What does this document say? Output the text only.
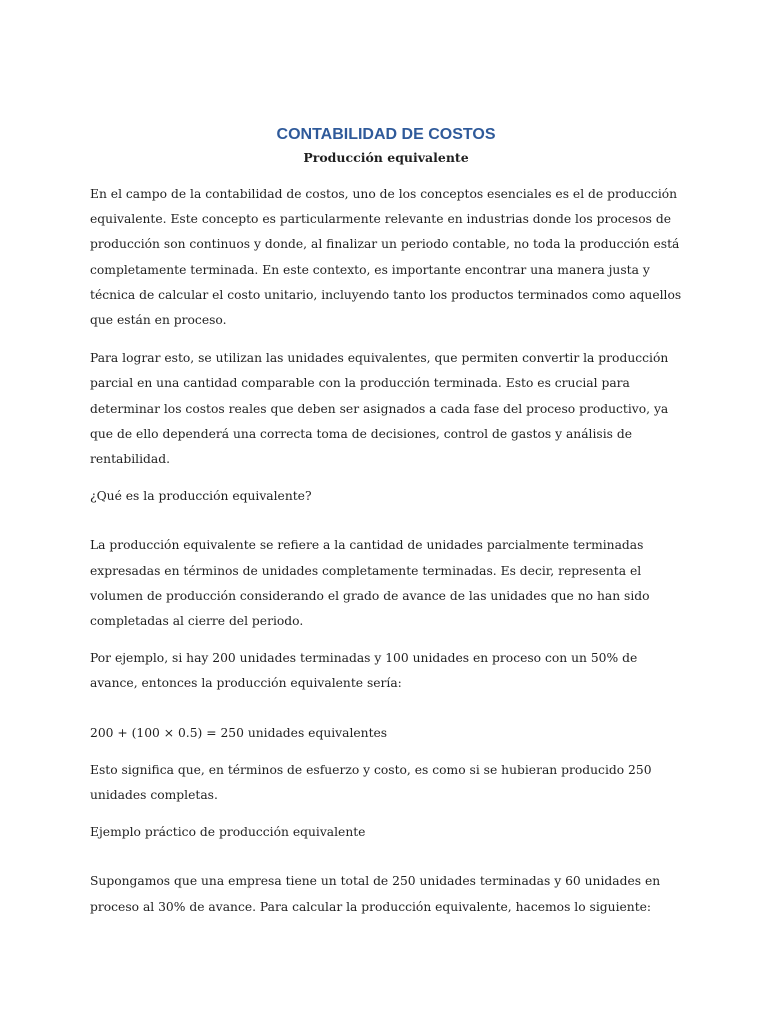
CONTABILIDAD DE COSTOS
Producción equivalente

En el campo de la contabilidad de costos, uno de los conceptos esenciales es el de producción equivalente. Este concepto es particularmente relevante en industrias donde los procesos de producción son continuos y donde, al finalizar un periodo contable, no toda la producción está completamente terminada. En este contexto, es importante encontrar una manera justa y técnica de calcular el costo unitario, incluyendo tanto los productos terminados como aquellos que están en proceso.

Para lograr esto, se utilizan las unidades equivalentes, que permiten convertir la producción parcial en una cantidad comparable con la producción terminada. Esto es crucial para determinar los costos reales que deben ser asignados a cada fase del proceso productivo, ya que de ello dependerá una correcta toma de decisiones, control de gastos y análisis de rentabilidad.

¿Qué es la producción equivalente?

La producción equivalente se refiere a la cantidad de unidades parcialmente terminadas expresadas en términos de unidades completamente terminadas. Es decir, representa el volumen de producción considerando el grado de avance de las unidades que no han sido completadas al cierre del periodo.

Por ejemplo, si hay 200 unidades terminadas y 100 unidades en proceso con un 50% de avance, entonces la producción equivalente sería:

200 + (100 × 0.5) = 250 unidades equivalentes

Esto significa que, en términos de esfuerzo y costo, es como si se hubieran producido 250 unidades completas.

Ejemplo práctico de producción equivalente

Supongamos que una empresa tiene un total de 250 unidades terminadas y 60 unidades en proceso al 30% de avance. Para calcular la producción equivalente, hacemos lo siguiente:
